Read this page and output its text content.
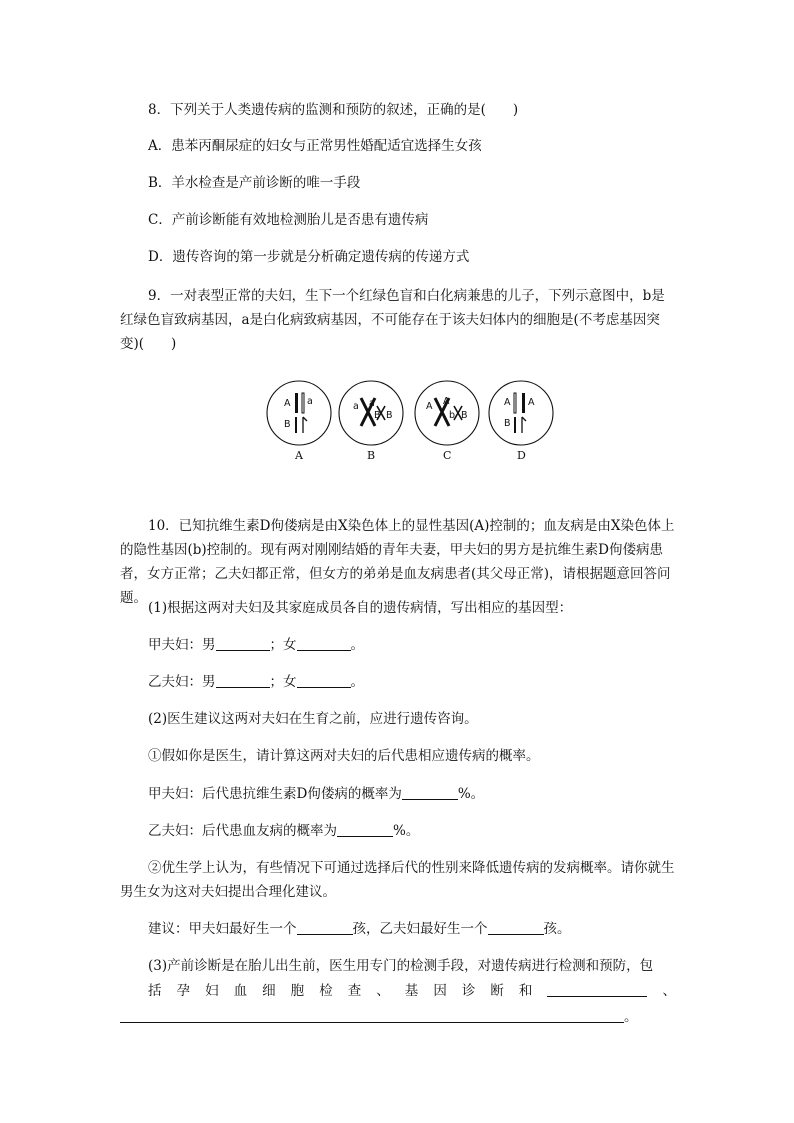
8．下列关于人类遗传病的监测和预防的叙述，正确的是(　　)
A．患苯丙酮尿症的妇女与正常男性婚配适宜选择生女孩
B．羊水检查是产前诊断的唯一手段
C．产前诊断能有效地检测胎儿是否患有遗传病
D．遗传咨询的第一步就是分析确定遗传病的传递方式
9．一对表型正常的夫妇，生下一个红绿色盲和白化病兼患的儿子，下列示意图中，b是红绿色盲致病基因，a是白化病致病基因，不可能存在于该夫妇体内的细胞是(不考虑基因突变)(　　)
A a
B
A
a a
B B
B
A A
b B
C
A A
B
D
10．已知抗维生素D佝偻病是由X染色体上的显性基因(A)控制的；血友病是由X染色体上的隐性基因(b)控制的。现有两对刚刚结婚的青年夫妻，甲夫妇的男方是抗维生素D佝偻病患者，女方正常；乙夫妇都正常，但女方的弟弟是血友病患者(其父母正常)，请根据题意回答问题。
(1)根据这两对夫妇及其家庭成员各自的遗传病情，写出相应的基因型：
甲夫妇：男	；女	。
乙夫妇：男	；女	。
(2)医生建议这两对夫妇在生育之前，应进行遗传咨询。
①假如你是医生，请计算这两对夫妇的后代患相应遗传病的概率。
甲夫妇：后代患抗维生素D佝偻病的概率为	%。
乙夫妇：后代患血友病的概率为	%。
②优生学上认为，有些情况下可通过选择后代的性别来降低遗传病的发病概率。请你就生男生女为这对夫妇提出合理化建议。
建议：甲夫妇最好生一个	孩，乙夫妇最好生一个	孩。
(3)产前诊断是在胎儿出生前，医生用专门的检测手段，对遗传病进行检测和预防，包
括 孕 妇 血 细 胞 检 查 、 基 因 诊 断 和	、
。
